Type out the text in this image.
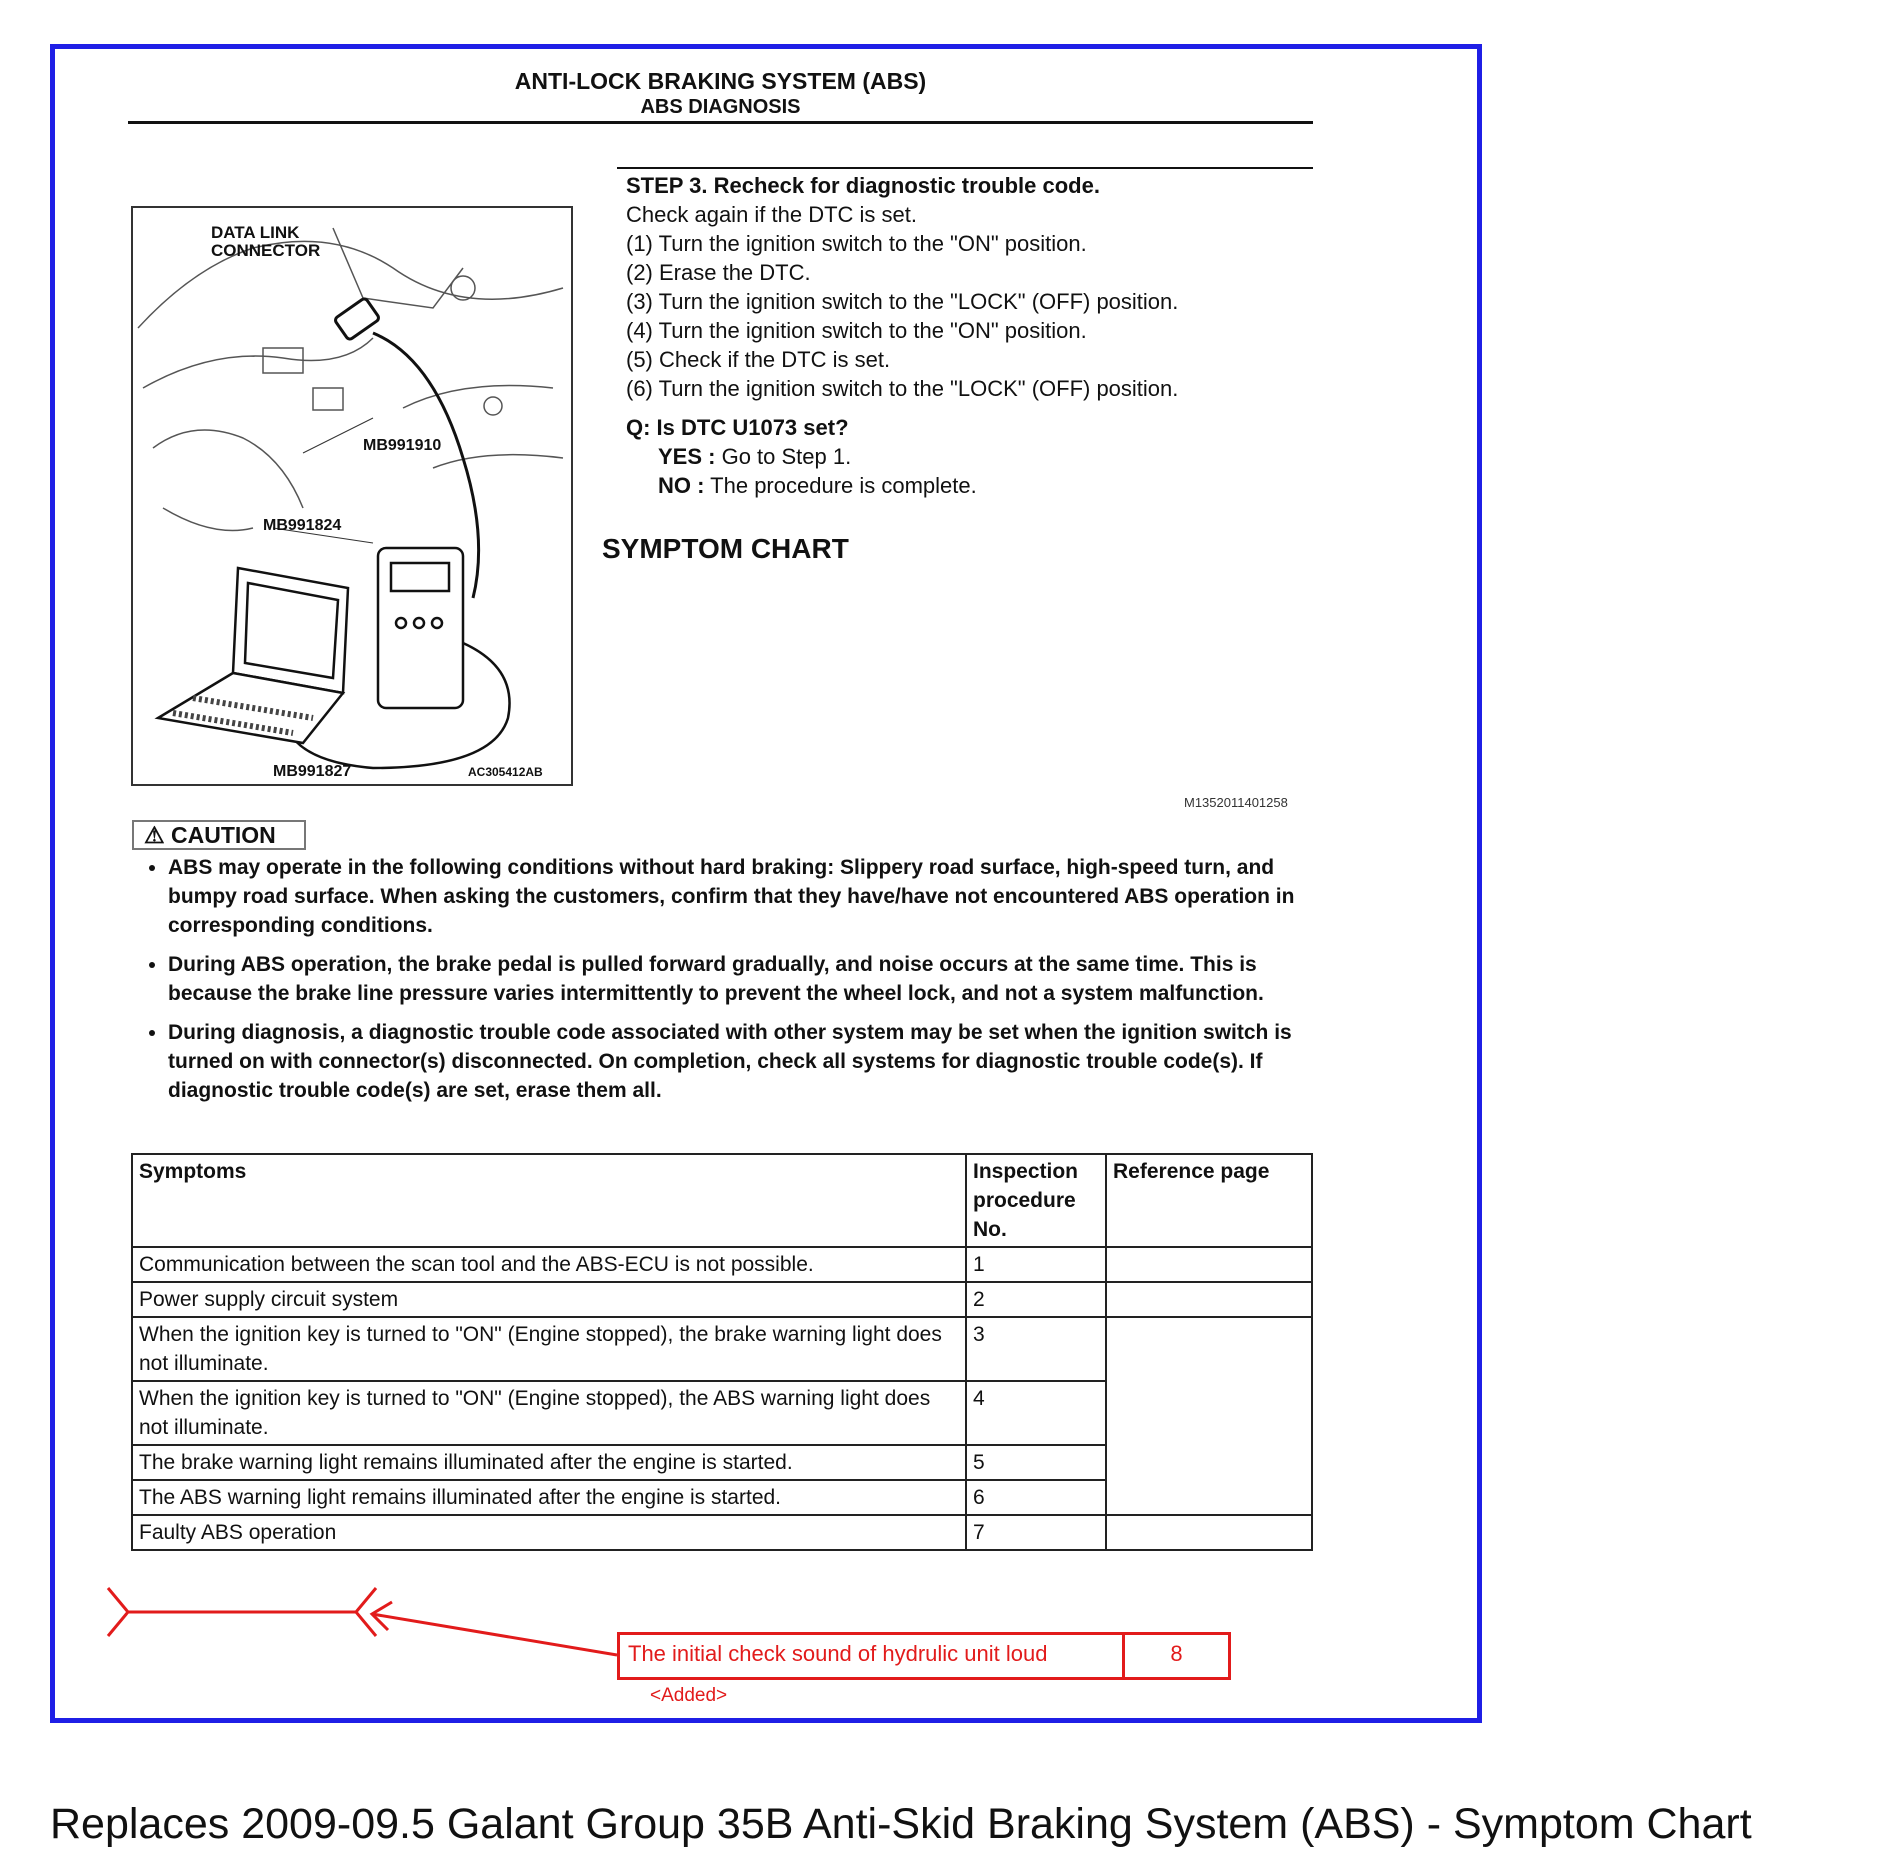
ANTI-LOCK BRAKING SYSTEM (ABS)
ABS DIAGNOSIS
DATA LINK
CONNECTOR
MB991910
MB991824
MB991827	AC305412AB

STEP 3. Recheck for diagnostic trouble code.

Check again if the DTC is set.

(1) Turn the ignition switch to the "ON" position.

(2) Erase the DTC.

(3) Turn the ignition switch to the "LOCK" (OFF) position.

(4) Turn the ignition switch to the "ON" position.

(5) Check if the DTC is set.

(6) Turn the ignition switch to the "LOCK" (OFF) position.

Q: Is DTC U1073 set?

YES : Go to Step 1.

NO : The procedure is complete.

SYMPTOM CHART
M1352011401258
⚠ CAUTION
• ABS may operate in the following conditions without hard braking: Slippery road surface, high-speed turn, and bumpy road surface. When asking the customers, confirm that they have/have not encountered ABS operation in corresponding conditions.
• During ABS operation, the brake pedal is pulled forward gradually, and noise occurs at the same time. This is because the brake line pressure varies intermittently to prevent the wheel lock, and not a system malfunction.
• During diagnosis, a diagnostic trouble code associated with other system may be set when the ignition switch is turned on with connector(s) disconnected. On completion, check all systems for diagnostic trouble code(s). If diagnostic trouble code(s) are set, erase them all.
Symptoms	Inspection procedure No.	Reference page
Communication between the scan tool and the ABS-ECU is not possible.	1	
Power supply circuit system	2	
When the ignition key is turned to "ON" (Engine stopped), the brake warning light does not illuminate.	3	
When the ignition key is turned to "ON" (Engine stopped), the ABS warning light does not illuminate.	4	
The brake warning light remains illuminated after the engine is started.	5	
The ABS warning light remains illuminated after the engine is started.	6	
Faulty ABS operation	7	
The initial check sound of hydrulic unit loud	8
<Added>
Replaces 2009-09.5 Galant Group 35B Anti-Skid Braking System (ABS) - Symptom Chart
